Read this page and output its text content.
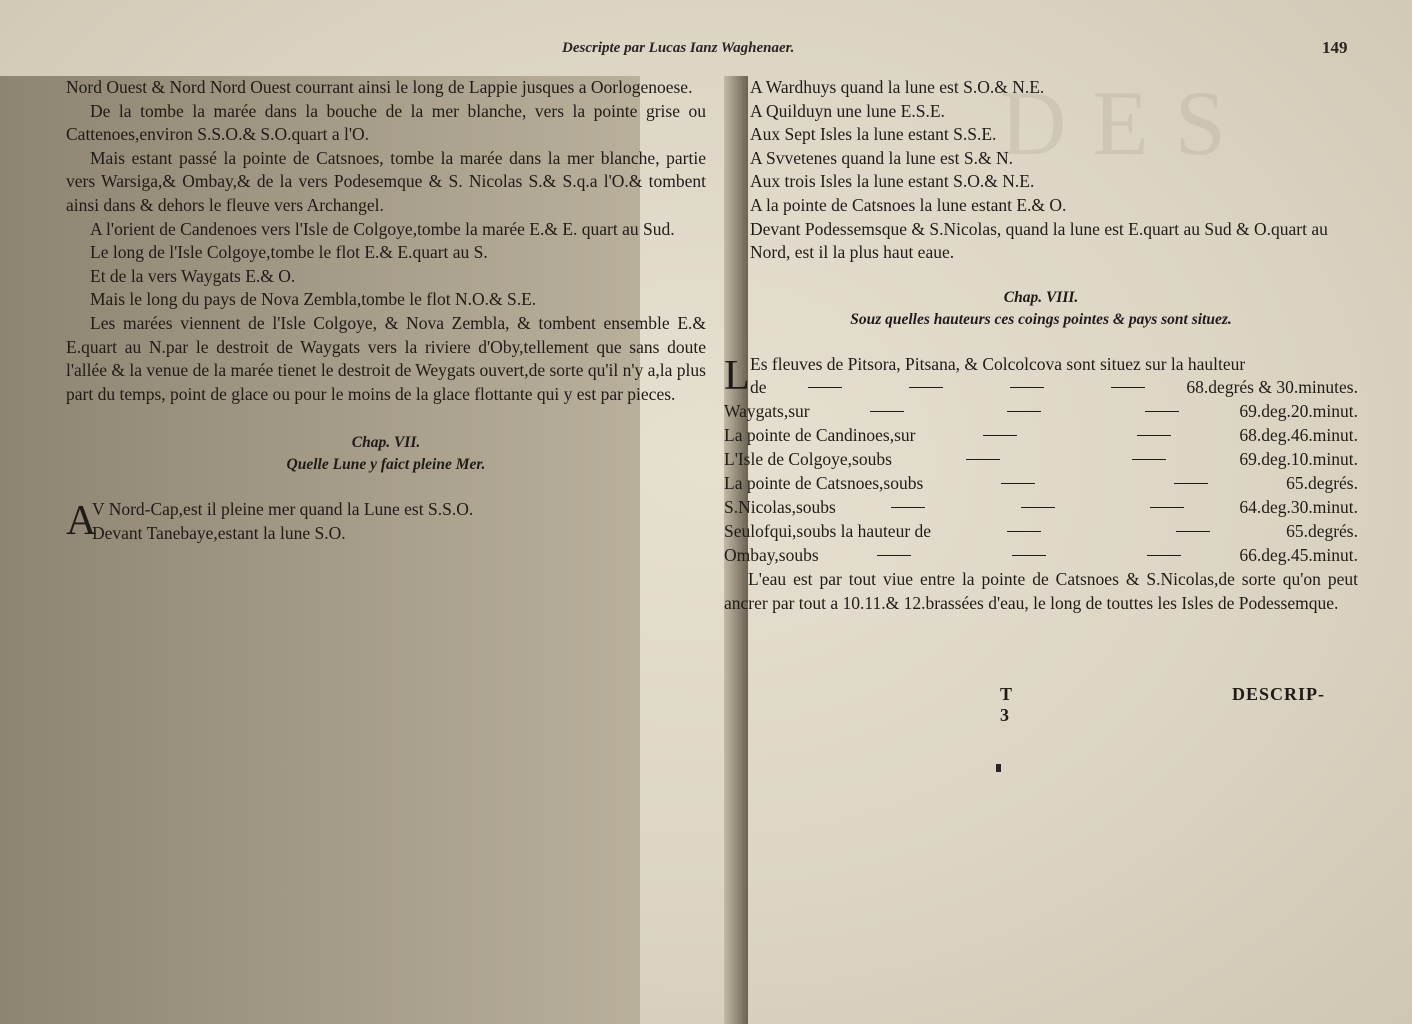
DES
Descripte par Lucas Ianz Waghenaer.	149

Nord Ouest & Nord Nord Ouest courrant ainsi le long de Lappie jusques a Oorlogenoese.

De la tombe la marée dans la bouche de la mer blanche, vers la pointe grise ou Cattenoes,environ S.S.O.& S.O.quart a l'O.

Mais estant passé la pointe de Catsnoes, tombe la marée dans la mer blanche, partie vers Warsiga,& Ombay,& de la vers Podesemque & S. Nicolas S.& S.q.a l'O.& tombent ainsi dans & dehors le fleuve vers Archangel.

A l'orient de Candenoes vers l'Isle de Colgoye,tombe la marée E.& E. quart au Sud.

Le long de l'Isle Colgoye,tombe le flot E.& E.quart au S.

Et de la vers Waygats E.& O.

Mais le long du pays de Nova Zembla,tombe le flot N.O.& S.E.

Les marées viennent de l'Isle Colgoye, & Nova Zembla, & tombent ensemble E.& E.quart au N.par le destroit de Waygats vers la riviere d'Oby,tellement que sans doute l'allée & la venue de la marée tienet le destroit de Weygats ouvert,de sorte qu'il n'y a,la plus part du temps, point de glace ou pour le moins de la glace flottante qui y est par pieces.

Chap. VII.

Quelle Lune y faict pleine Mer.

A

V Nord-Cap,est il pleine mer quand la Lune est S.S.O.

Devant Tanebaye,estant la lune S.O.

A Wardhuys quand la lune est S.O.& N.E.

A Quilduyn une lune E.S.E.

Aux Sept Isles la lune estant S.S.E.

A Svvetenes quand la lune est S.& N.

Aux trois Isles la lune estant S.O.& N.E.

A la pointe de Catsnoes la lune estant E.& O.

Devant Podessemsque & S.Nicolas, quand la lune est E.quart au Sud & O.quart au Nord, est il la plus haut eaue.

Chap. VIII.

Souz quelles hauteurs ces coings pointes & pays sont situez.

L Es fleuves de Pitsora, Pitsana, & Colcolcova sont situez sur la haulteur

de	68.degrés & 30.minutes.
Waygats,sur	69.deg.20.minut.
La pointe de Candinoes,sur	68.deg.46.minut.
L'Isle de Colgoye,soubs	69.deg.10.minut.
La pointe de Catsnoes,soubs	65.degrés.
S.Nicolas,soubs	64.deg.30.minut.
Seulofqui,soubs la hauteur de	65.degrés.
Ombay,soubs	66.deg.45.minut.

L'eau est par tout viue entre la pointe de Catsnoes & S.Nicolas,de sorte qu'on peut ancrer par tout a 10.11.& 12.brassées d'eau, le long de touttes les Isles de Podessemque.

T 3
DESCRIP-
